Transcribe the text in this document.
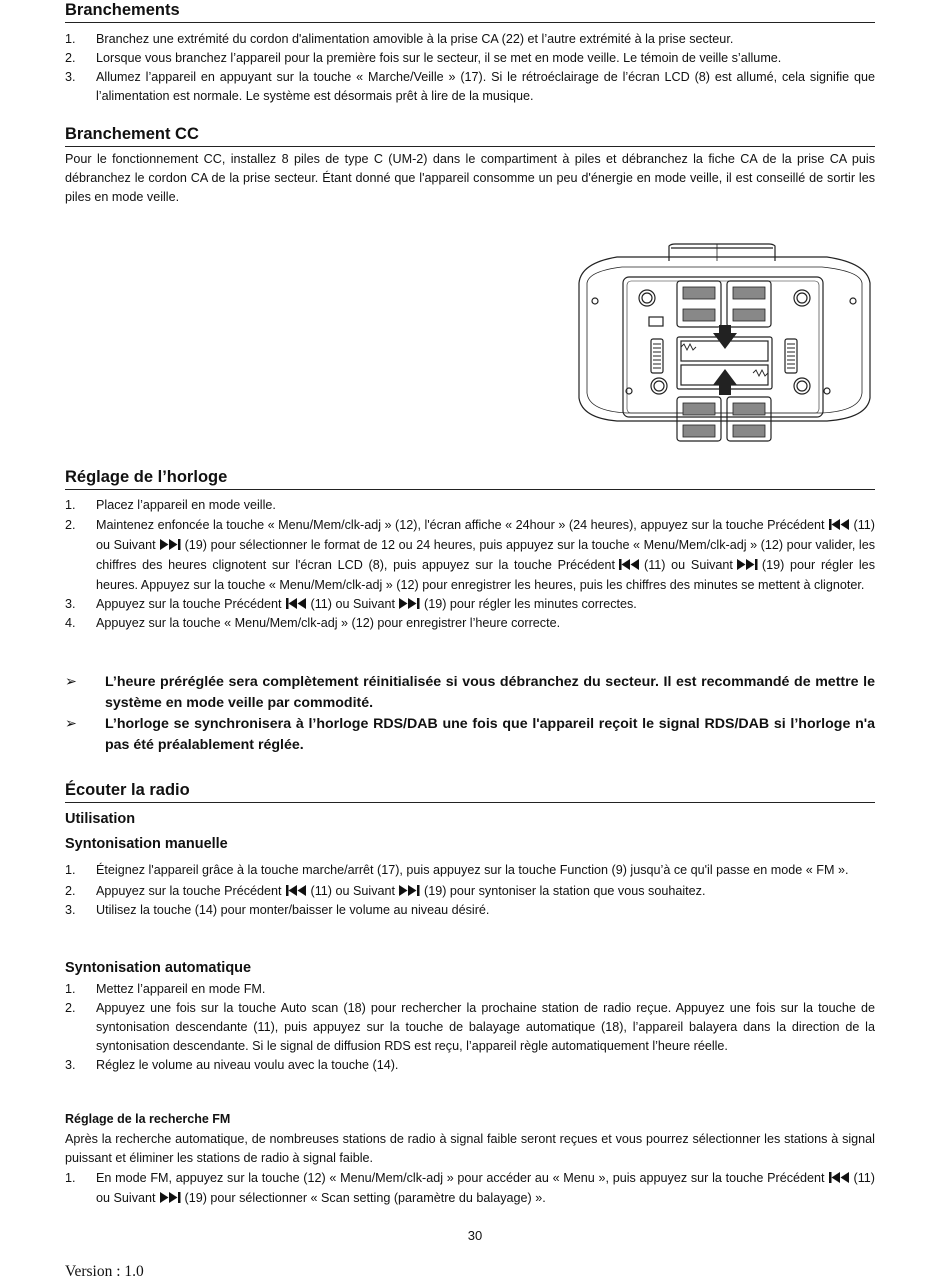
Branchements
1. Branchez une extrémité du cordon d'alimentation amovible à la prise CA (22) et l’autre extrémité à la prise secteur.
2. Lorsque vous branchez l’appareil pour la première fois sur le secteur, il se met en mode veille. Le témoin de veille s’allume.
3. Allumez l’appareil en appuyant sur la touche « Marche/Veille » (17). Si le rétroéclairage de l’écran LCD (8) est allumé, cela signifie que l’alimentation est normale. Le système est désormais prêt à lire de la musique.
Branchement CC

Pour le fonctionnement CC, installez 8 piles de type C (UM-2) dans le compartiment à piles et débranchez la fiche CA de la prise CA puis débranchez le cordon CA de la prise secteur. Étant donné que l'appareil consomme un peu d'énergie en mode veille, il est conseillé de sortir les piles en mode veille.

Réglage de l’horloge
1. Placez l’appareil en mode veille.
2. Maintenez enfoncée la touche « Menu/Mem/clk-adj » (12), l'écran affiche « 24hour » (24 heures), appuyez sur la touche Précédent (11) ou Suivant (19) pour sélectionner le format de 12 ou 24 heures, puis appuyez sur la touche « Menu/Mem/clk-adj » (12) pour valider, les chiffres des heures clignotent sur l'écran LCD (8), puis appuyez sur la touche Précédent (11) ou Suivant (19) pour régler les heures. Appuyez sur la touche « Menu/Mem/clk-adj » (12) pour enregistrer les heures, puis les chiffres des minutes se mettent à clignoter.
3. Appuyez sur la touche Précédent (11) ou Suivant (19) pour régler les minutes correctes.
4. Appuyez sur la touche « Menu/Mem/clk-adj » (12) pour enregistrer l’heure correcte.
➢ L’heure préréglée sera complètement réinitialisée si vous débranchez du secteur. Il est recommandé de mettre le système en mode veille par commodité.
➢ L’horloge se synchronisera à l’horloge RDS/DAB une fois que l'appareil reçoit le signal RDS/DAB si l’horloge n'a pas été préalablement réglée.
Écouter la radio
Utilisation
Syntonisation manuelle
1. Éteignez l'appareil grâce à la touche marche/arrêt (17), puis appuyez sur la touche Function (9) jusqu’à ce qu'il passe en mode « FM ».
2. Appuyez sur la touche Précédent (11) ou Suivant (19) pour syntoniser la station que vous souhaitez.
3. Utilisez la touche (14) pour monter/baisser le volume au niveau désiré.
Syntonisation automatique
1. Mettez l’appareil en mode FM.
2. Appuyez une fois sur la touche Auto scan (18) pour rechercher la prochaine station de radio reçue. Appuyez une fois sur la touche de syntonisation descendante (11), puis appuyez sur la touche de balayage automatique (18), l’appareil balayera dans la direction de la syntonisation descendante. Si le signal de diffusion RDS est reçu, l’appareil règle automatiquement l’heure réelle.
3. Réglez le volume au niveau voulu avec la touche (14).
Réglage de la recherche FM

Après la recherche automatique, de nombreuses stations de radio à signal faible seront reçues et vous pourrez sélectionner les stations à signal puissant et éliminer les stations de radio à signal faible.

1. En mode FM, appuyez sur la touche (12) « Menu/Mem/clk-adj » pour accéder au « Menu », puis appuyez sur la touche Précédent (11) ou Suivant (19) pour sélectionner « Scan setting (paramètre du balayage) ».
30
Version : 1.0
